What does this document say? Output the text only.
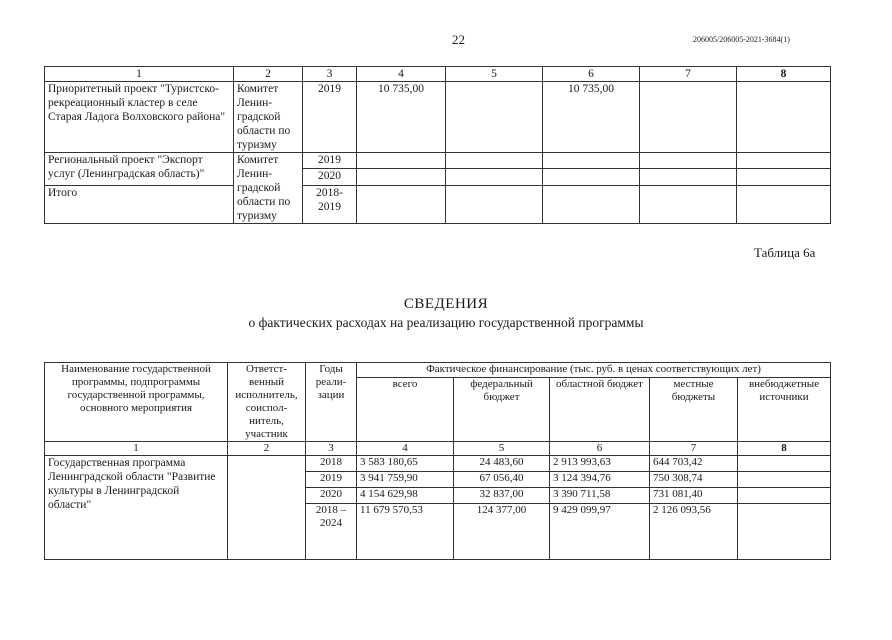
22	206005/206005-2021-3684(1)
1	2	3	4	5	6	7	8
Приоритетный проект "Туристско-рекреационный кластер в селе Старая Ладога Волховского района"	Комитет Ленин-градской области по туризму	2019	10 735,00		10 735,00		
Региональный проект "Экспорт услуг (Ленинградская область)"	Комитет Ленин-градской области по туризму	2019					
		2020					
Итого		2018-2019					
Таблица 6а
СВЕДЕНИЯ
о фактических расходах на реализацию государственной программы
Наименование государственной программы, подпрограммы государственной программы, основного мероприятия	Ответст-венный исполнитель, соиспол-нитель, участник	Годы реали-зации	Фактическое финансирование (тыс. руб. в ценах соответствующих лет)				
			всего	федеральный бюджет	областной бюджет	местные бюджеты	внебюджетные источники
1	2	3	4	5	6	7	8
Государственная программа Ленинградской области "Развитие культуры в Ленинградской области"		2018	3 583 180,65	24 483,60	2 913 993,63	644 703,42	
		2019	3 941 759,90	67 056,40	3 124 394,76	750 308,74	
		2020	4 154 629,98	32 837,00	3 390 711,58	731 081,40	
		2018 – 2024	11 679 570,53	124 377,00	9 429 099,97	2 126 093,56	
